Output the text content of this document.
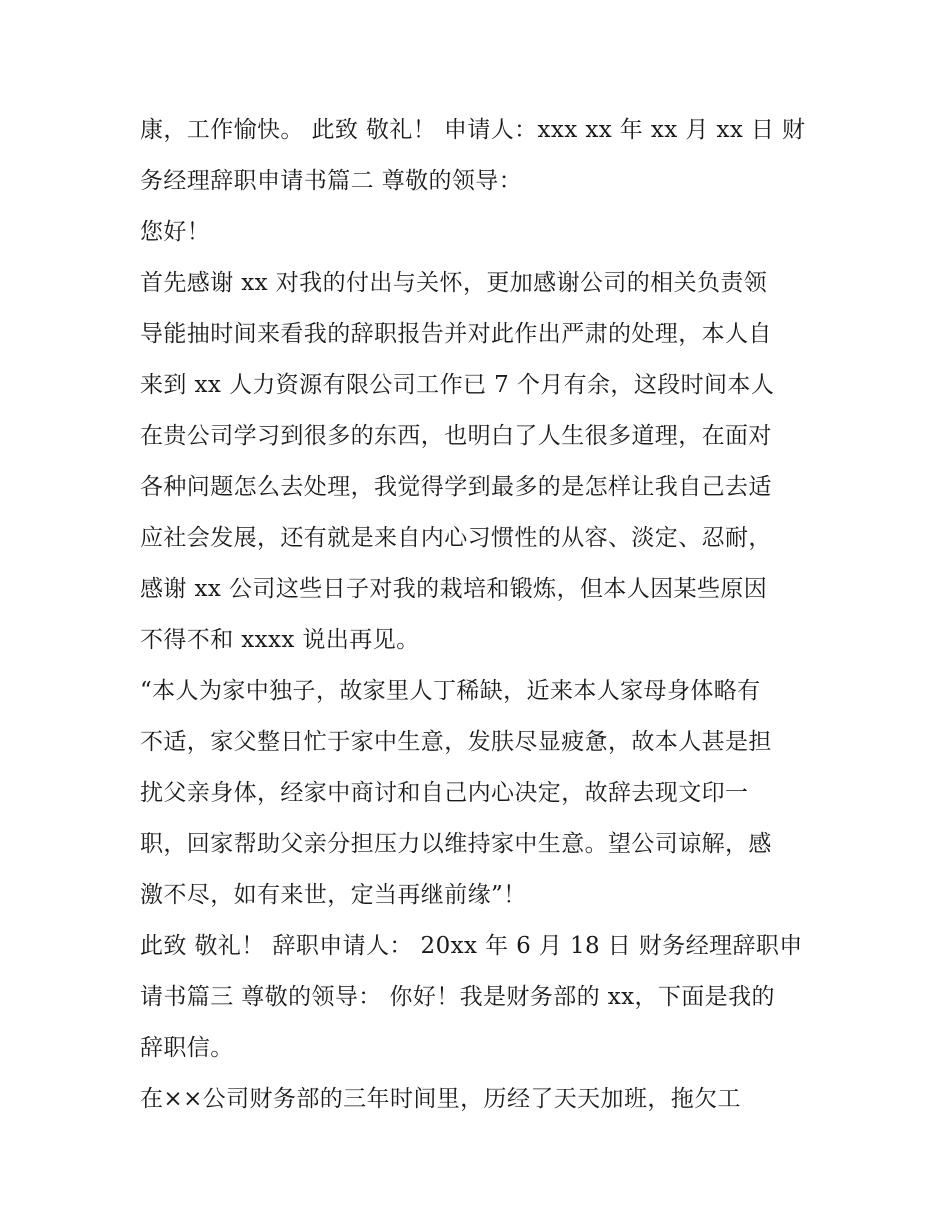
康，工作愉快。 此致 敬礼！ 申请人：xxx xx 年 xx 月 xx 日 财
务经理辞职申请书篇二 尊敬的领导：
您好！
首先感谢 xx 对我的付出与关怀，更加感谢公司的相关负责领
导能抽时间来看我的辞职报告并对此作出严肃的处理，本人自
来到 xx 人力资源有限公司工作已 7 个月有余，这段时间本人
在贵公司学习到很多的东西，也明白了人生很多道理，在面对
各种问题怎么去处理，我觉得学到最多的是怎样让我自己去适
应社会发展，还有就是来自内心习惯性的从容、淡定、忍耐，
感谢 xx 公司这些日子对我的栽培和锻炼，但本人因某些原因
不得不和 xxxx 说出再见。
“本人为家中独子，故家里人丁稀缺，近来本人家母身体略有
不适，家父整日忙于家中生意，发肤尽显疲惫，故本人甚是担
扰父亲身体，经家中商讨和自己内心决定，故辞去现文印一
职，回家帮助父亲分担压力以维持家中生意。望公司谅解，感
激不尽，如有来世，定当再继前缘”！
此致 敬礼！ 辞职申请人： 20xx 年 6 月 18 日 财务经理辞职申
请书篇三 尊敬的领导： 你好！我是财务部的 xx，下面是我的
辞职信。
在××公司财务部的三年时间里，历经了天天加班，拖欠工
